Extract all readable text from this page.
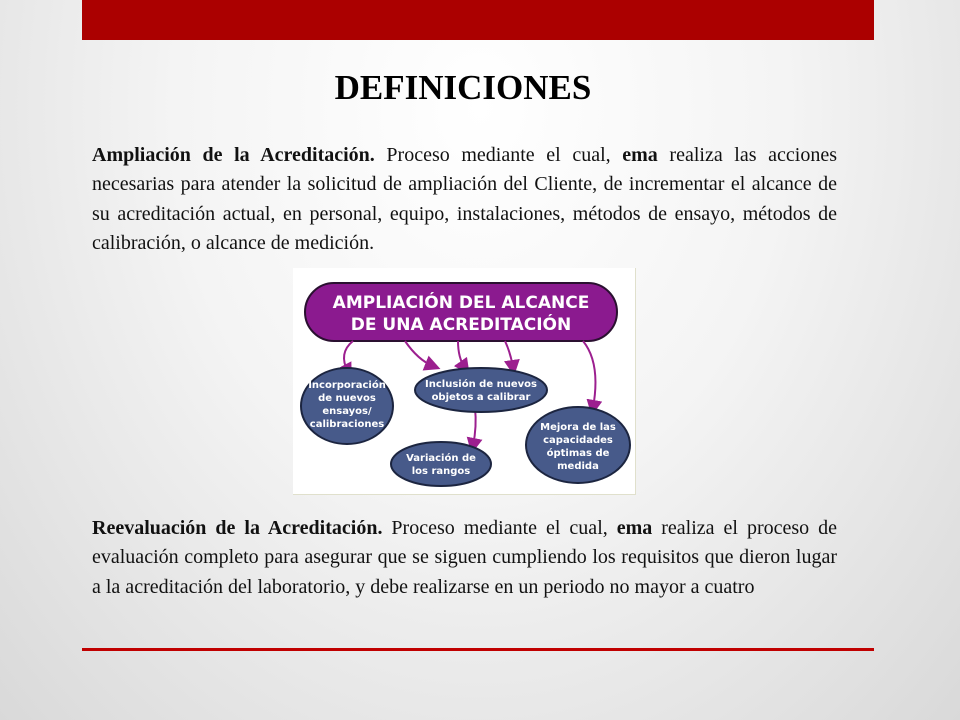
DEFINICIONES
Ampliación de la Acreditación. Proceso mediante el cual, ema realiza las acciones necesarias para atender la solicitud de ampliación del Cliente, de incrementar el alcance de su acreditación actual, en personal, equipo, instalaciones, métodos de ensayo, métodos de calibración, o alcance de medición.
AMPLIACIÓN DEL ALCANCE
DE UNA ACREDITACIÓN
Incorporación
de nuevos
ensayos/
calibraciones
Inclusión de nuevos
objetos a calibrar
Variación de
los rangos
Mejora de las
capacidades
óptimas de
medida
Reevaluación de la Acreditación. Proceso mediante el cual, ema realiza el proceso de evaluación completo para asegurar que se siguen cumpliendo los requisitos que dieron lugar a la acreditación del laboratorio, y debe realizarse en un periodo no mayor a cuatro
